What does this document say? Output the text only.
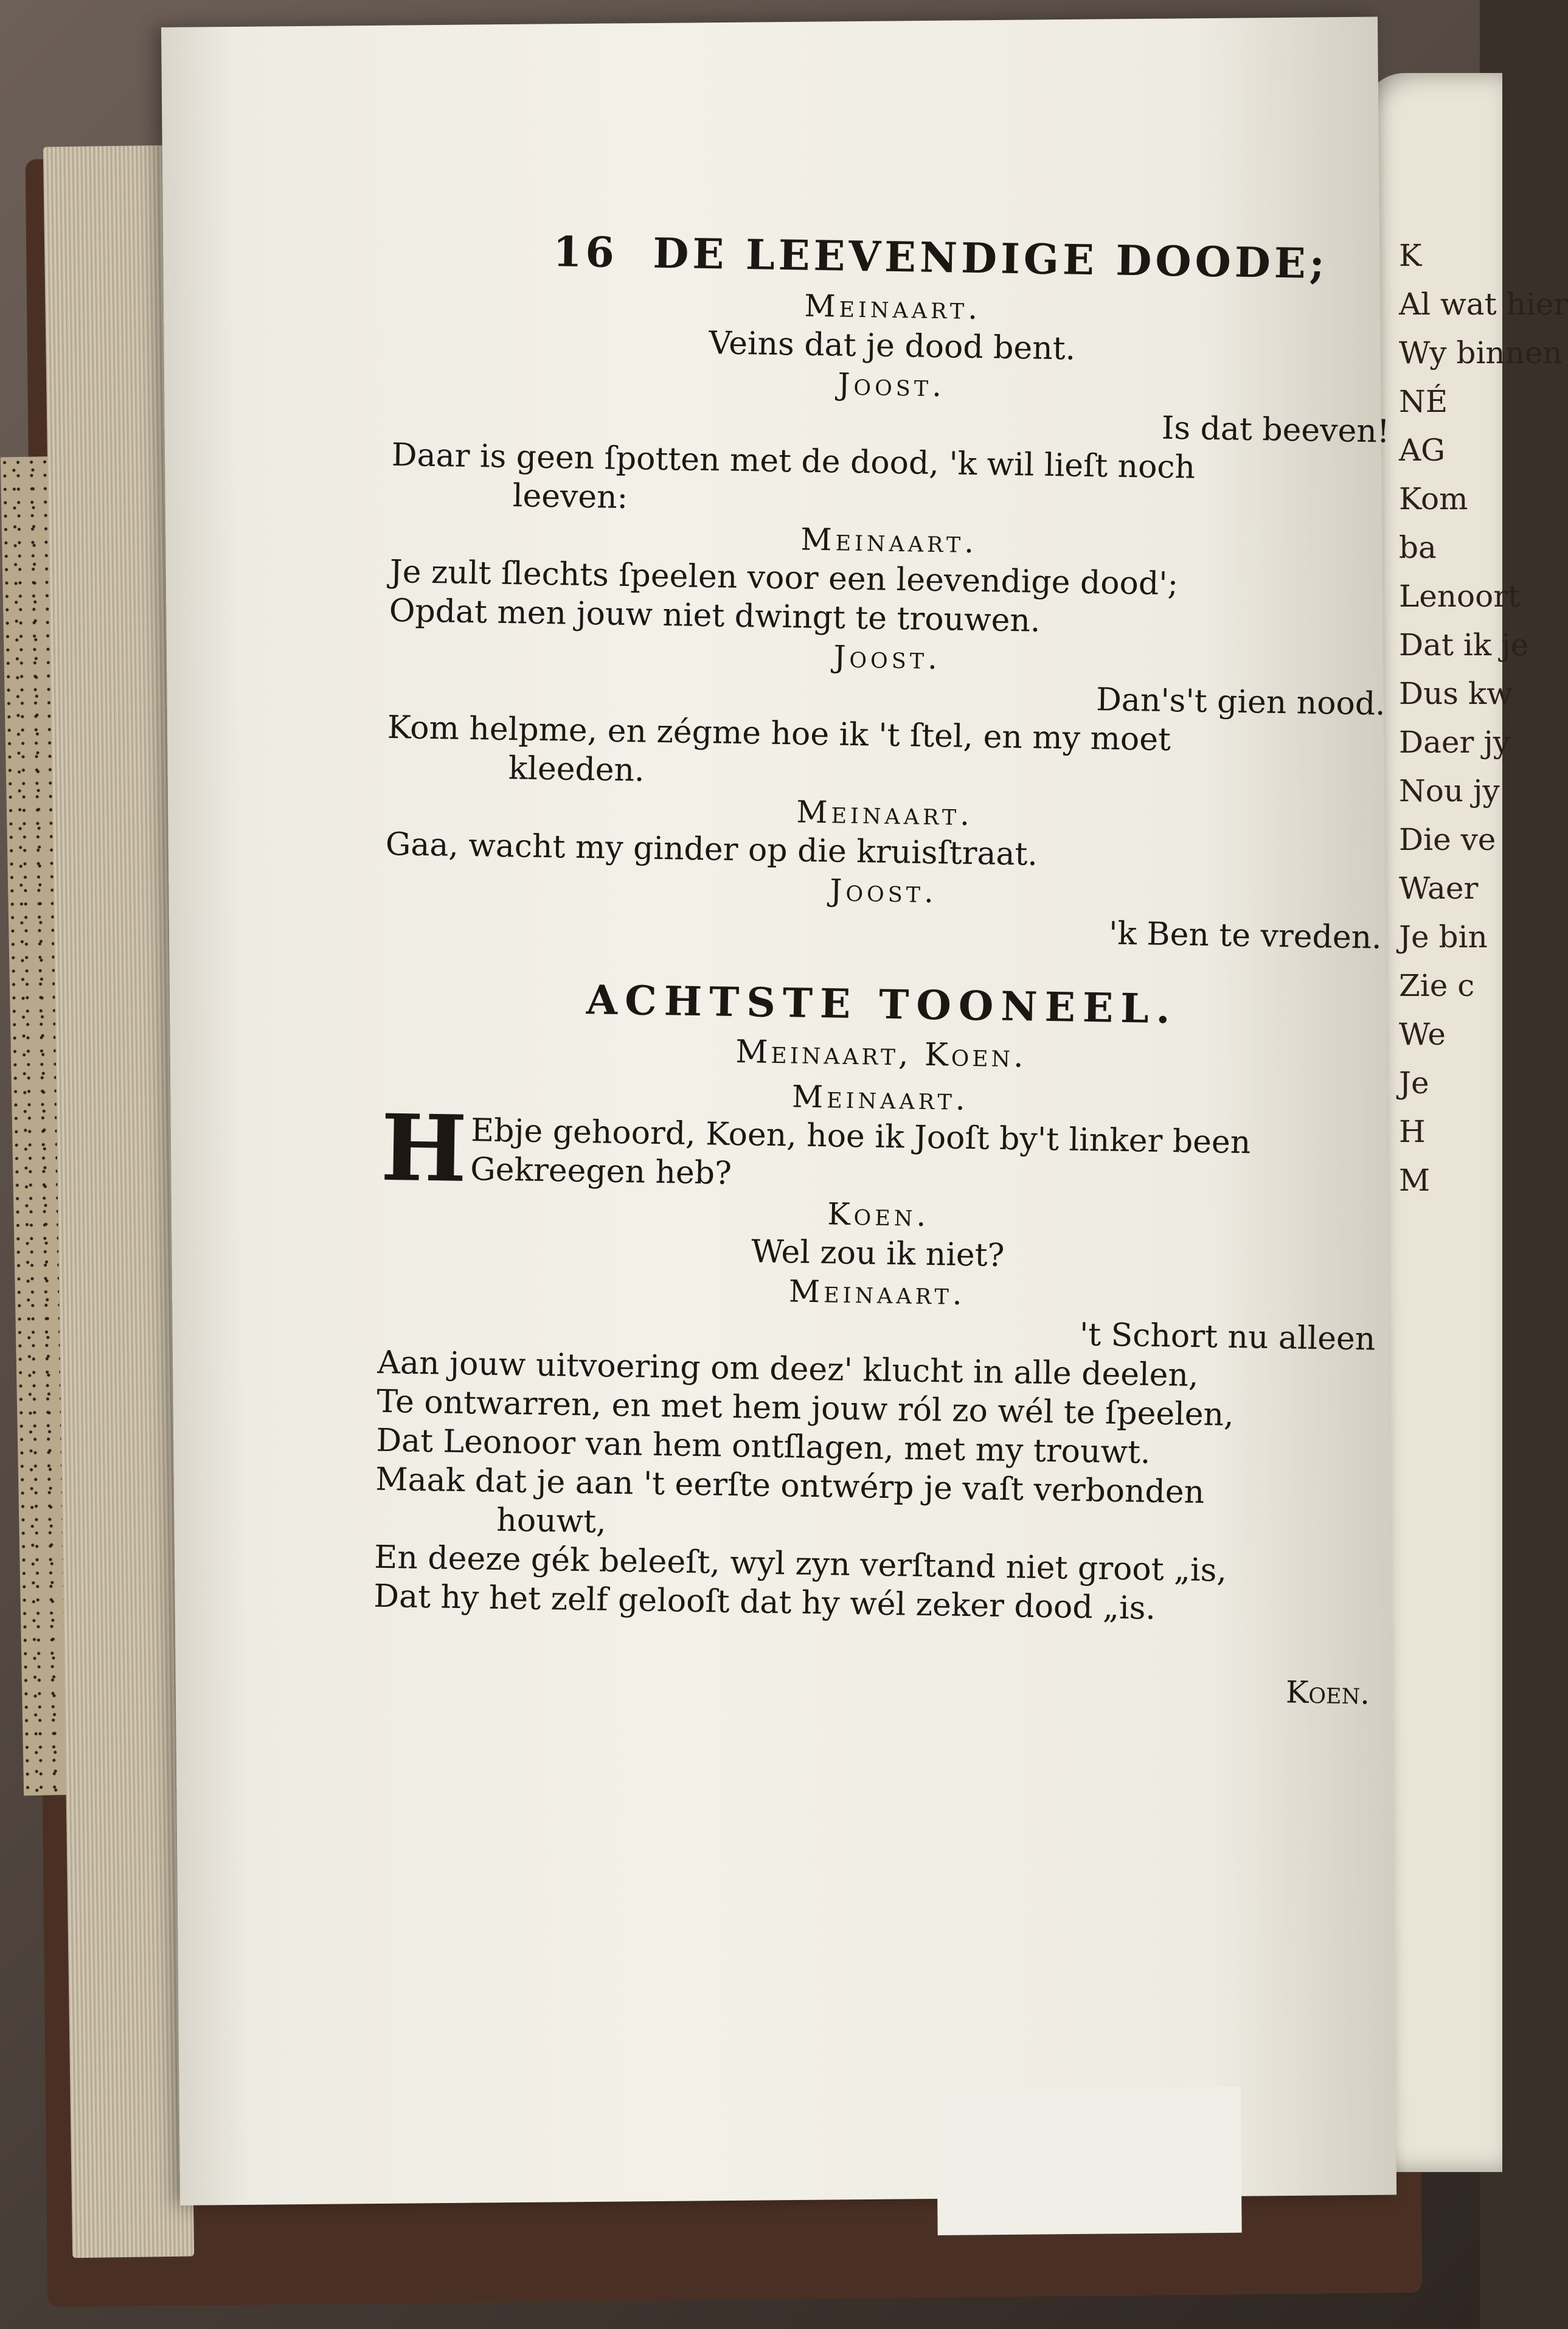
K
Al wat hier
Wy binnen
NÉ
AG
Kom
ba
Lenoort
Dat ik je
Dus kw
Daer jy
Nou jy
Die ve
Waer
Je bin
Zie c
We
Je
H
M
16 DE LEEVENDIGE DOODE;
Meinaart.
Veins dat je dood bent.
Joost.
Is dat beeven!
Daar is geen ſpotten met de dood, 'k wil lieſt noch
leeven:
Meinaart.
Je zult ſlechts ſpeelen voor een leevendige dood';
Opdat men jouw niet dwingt te trouwen.
Joost.
Dan's't gien nood.
Kom helpme, en zégme hoe ik 't ſtel, en my moet
kleeden.
Meinaart.
Gaa, wacht my ginder op die kruisſtraat.
Joost.
'k Ben te vreden.
ACHTSTE TOONEEL.
Meinaart, Koen.
Meinaart.
H Ebje gehoord, Koen, hoe ik Jooſt by't linker been
Gekreegen heb?
Koen.
Wel zou ik niet?
Meinaart.
't Schort nu alleen
Aan jouw uitvoering om deez' klucht in alle deelen,
Te ontwarren, en met hem jouw ról zo wél te ſpeelen,
Dat Leonoor van hem ontſlagen, met my trouwt.
Maak dat je aan 't eerſte ontwérp je vaſt verbonden
houwt,
En deeze gék beleeſt, wyl zyn verſtand niet groot „is,
Dat hy het zelf gelooſt dat hy wél zeker dood „is.
Koen.
